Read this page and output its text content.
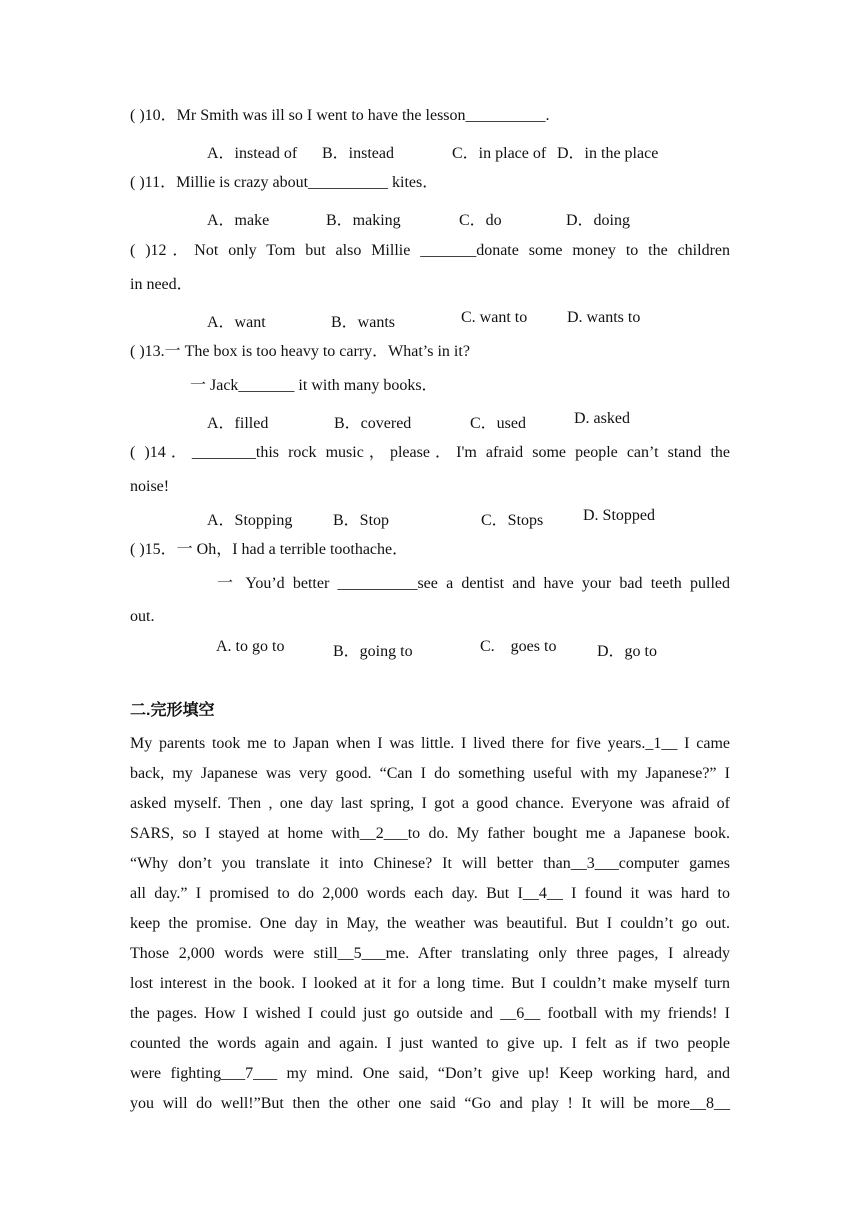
( )10．Mr Smith was ill so I went to have the lesson__________.
A．instead of B．instead	C．in place of D．in the place
( )11．Millie is crazy about__________ kites．
A．make	B．making	C．do	D．doing
( )12．Not only Tom but also Millie _______donate some money to the children
in need．
A．want	B．wants	C. want to D. wants to
( )13.一 The box is too heavy to carry．What’s in it?
一 Jack_______ it with many books．
A．filled	B．covered	C．used	D. asked
( )14．________this rock music，please．I'm afraid some people can’t stand the
noise!
A．Stopping	B．Stop	C．Stops D. Stopped
( )15．一 Oh，I had a terrible toothache．
一 You’d better __________see a dentist and have your bad teeth pulled
out.
A. to go to	B．going to	C.    goes to	D．go to
二.完形填空
My parents took me to Japan when I was little. I lived there for five years._1__ I came
back, my Japanese was very good. “Can I do something useful with my Japanese?” I
asked myself. Then , one day last spring, I got a good chance. Everyone was afraid of
SARS, so I stayed at home with__2___to do. My father bought me a Japanese book.
“Why don’t you translate it into Chinese? It will better than__3___computer games
all day.” I promised to do 2,000 words each day. But I__4__ I found it was hard to
keep the promise. One day in May, the weather was beautiful. But I couldn’t go out.
Those 2,000 words were still__5___me. After translating only three pages, I already
lost interest in the book. I looked at it for a long time. But I couldn’t make myself turn
the pages. How I wished I could just go outside and __6__ football with my friends! I
counted the words again and again. I just wanted to give up. I felt as if two people
were fighting___7___ my mind. One said, “Don’t give up! Keep working hard, and
you will do well!”But then the other one said “Go and play ! It will be more__8__
